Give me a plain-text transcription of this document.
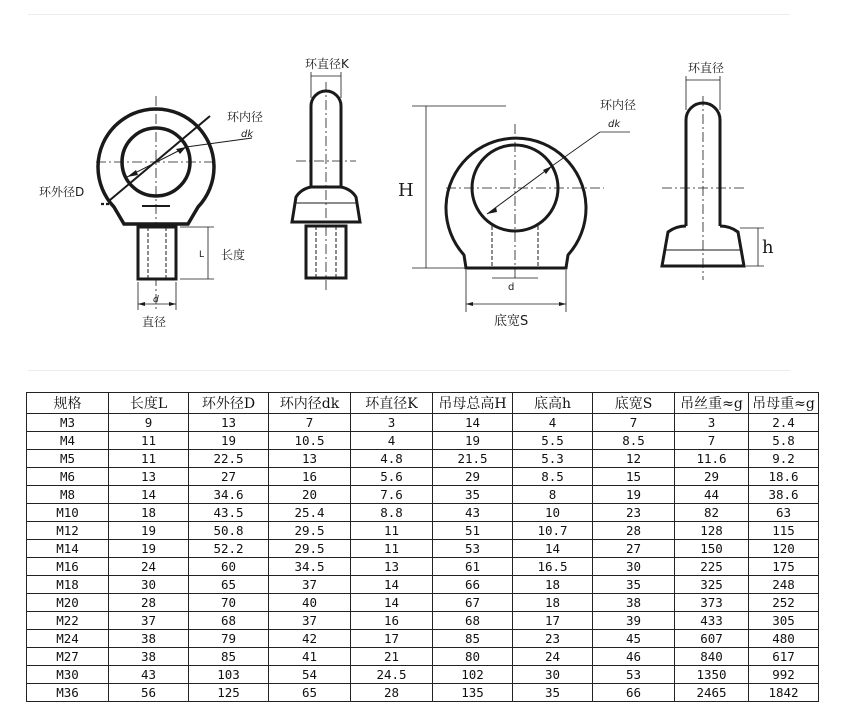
环内径
dk
环外径D
长度
L
d
直径
环直径K
环内径
dk
H
d
底宽S
环直径
h
规格	长度L	环外径D	环内径dk	环直径K	吊母总高H	底高h	底宽S	吊丝重≈g	吊母重≈g
M3	9	13	7	3	14	4	7	3	2.4
M4	11	19	10.5	4	19	5.5	8.5	7	5.8
M5	11	22.5	13	4.8	21.5	5.3	12	11.6	9.2
M6	13	27	16	5.6	29	8.5	15	29	18.6
M8	14	34.6	20	7.6	35	8	19	44	38.6
M10	18	43.5	25.4	8.8	43	10	23	82	63
M12	19	50.8	29.5	11	51	10.7	28	128	115
M14	19	52.2	29.5	11	53	14	27	150	120
M16	24	60	34.5	13	61	16.5	30	225	175
M18	30	65	37	14	66	18	35	325	248
M20	28	70	40	14	67	18	38	373	252
M22	37	68	37	16	68	17	39	433	305
M24	38	79	42	17	85	23	45	607	480
M27	38	85	41	21	80	24	46	840	617
M30	43	103	54	24.5	102	30	53	1350	992
M36	56	125	65	28	135	35	66	2465	1842
